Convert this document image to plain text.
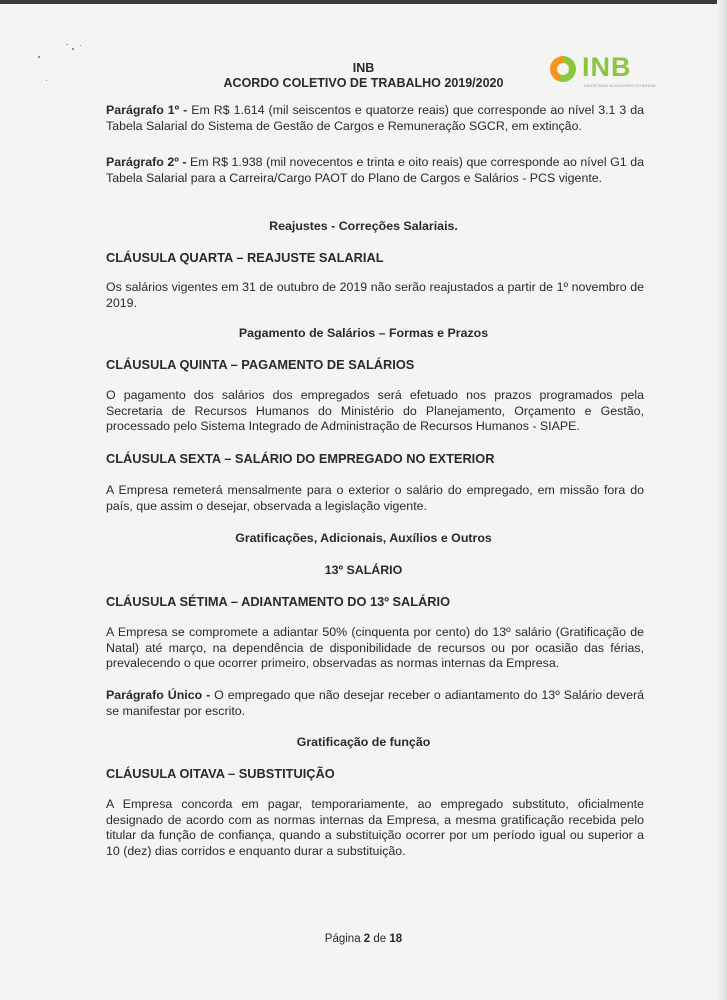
INB
ACORDO COLETIVO DE TRABALHO 2019/2020
INB
INDÚSTRIAS NUCLEARES DO BRASIL
Parágrafo 1º - Em R$ 1.614 (mil seiscentos e quatorze reais) que corresponde ao nível 3.1 3 da Tabela Salarial do Sistema de Gestão de Cargos e Remuneração SGCR, em extinção.
Parágrafo 2º - Em R$ 1.938 (mil novecentos e trinta e oito reais) que corresponde ao nível G1 da Tabela Salarial para a Carreira/Cargo PAOT do Plano de Cargos e Salários - PCS vigente.
Reajustes - Correções Salariais.
CLÁUSULA QUARTA – REAJUSTE SALARIAL
Os salários vigentes em 31 de outubro de 2019 não serão reajustados a partir de 1º novembro de 2019.
Pagamento de Salários – Formas e Prazos
CLÁUSULA QUINTA – PAGAMENTO DE SALÁRIOS
O pagamento dos salários dos empregados será efetuado nos prazos programados pela Secretaria de Recursos Humanos do Ministério do Planejamento, Orçamento e Gestão, processado pelo Sistema Integrado de Administração de Recursos Humanos - SIAPE.
CLÁUSULA SEXTA – SALÁRIO DO EMPREGADO NO EXTERIOR
A Empresa remeterá mensalmente para o exterior o salário do empregado, em missão fora do país, que assim o desejar, observada a legislação vigente.
Gratificações, Adicionais, Auxílios e Outros
13º SALÁRIO
CLÁUSULA SÉTIMA – ADIANTAMENTO DO 13º SALÁRIO
A Empresa se compromete a adiantar 50% (cinquenta por cento) do 13º salário (Gratificação de Natal) até março, na dependência de disponibilidade de recursos ou por ocasião das férias, prevalecendo o que ocorrer primeiro, observadas as normas internas da Empresa.
Parágrafo Único - O empregado que não desejar receber o adiantamento do 13º Salário deverá se manifestar por escrito.
Gratificação de função
CLÁUSULA OITAVA – SUBSTITUIÇÃO
A Empresa concorda em pagar, temporariamente, ao empregado substituto, oficialmente designado de acordo com as normas internas da Empresa, a mesma gratificação recebida pelo titular da função de confiança, quando a substituição ocorrer por um período igual ou superior a 10 (dez) dias corridos e enquanto durar a substituição.
Página 2 de 18
